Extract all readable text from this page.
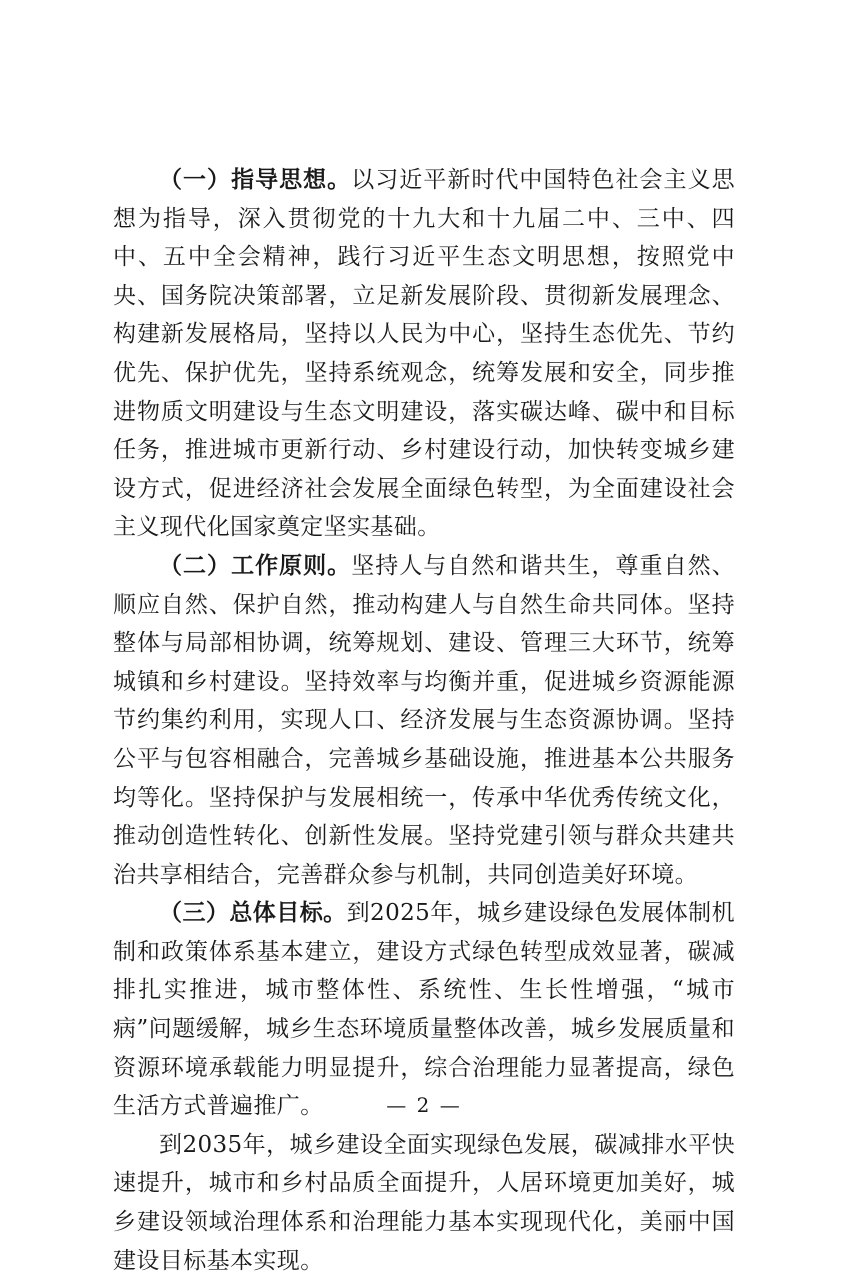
（一）指导思想。以习近平新时代中国特色社会主义思想为指导，深入贯彻党的十九大和十九届二中、三中、四中、五中全会精神，践行习近平生态文明思想，按照党中央、国务院决策部署，立足新发展阶段、贯彻新发展理念、构建新发展格局，坚持以人民为中心，坚持生态优先、节约优先、保护优先，坚持系统观念，统筹发展和安全，同步推进物质文明建设与生态文明建设，落实碳达峰、碳中和目标任务，推进城市更新行动、乡村建设行动，加快转变城乡建设方式，促进经济社会发展全面绿色转型，为全面建设社会主义现代化国家奠定坚实基础。

（二）工作原则。坚持人与自然和谐共生，尊重自然、顺应自然、保护自然，推动构建人与自然生命共同体。坚持整体与局部相协调，统筹规划、建设、管理三大环节，统筹城镇和乡村建设。坚持效率与均衡并重，促进城乡资源能源节约集约利用，实现人口、经济发展与生态资源协调。坚持公平与包容相融合，完善城乡基础设施，推进基本公共服务均等化。坚持保护与发展相统一，传承中华优秀传统文化，推动创造性转化、创新性发展。坚持党建引领与群众共建共治共享相结合，完善群众参与机制，共同创造美好环境。

（三）总体目标。到2025年，城乡建设绿色发展体制机制和政策体系基本建立，建设方式绿色转型成效显著，碳减排扎实推进，城市整体性、系统性、生长性增强，“城市病”问题缓解，城乡生态环境质量整体改善，城乡发展质量和资源环境承载能力明显提升，综合治理能力显著提高，绿色生活方式普遍推广。

到2035年，城乡建设全面实现绿色发展，碳减排水平快速提升，城市和乡村品质全面提升，人居环境更加美好，城乡建设领域治理体系和治理能力基本实现现代化，美丽中国建设目标基本实现。

— 2 —
